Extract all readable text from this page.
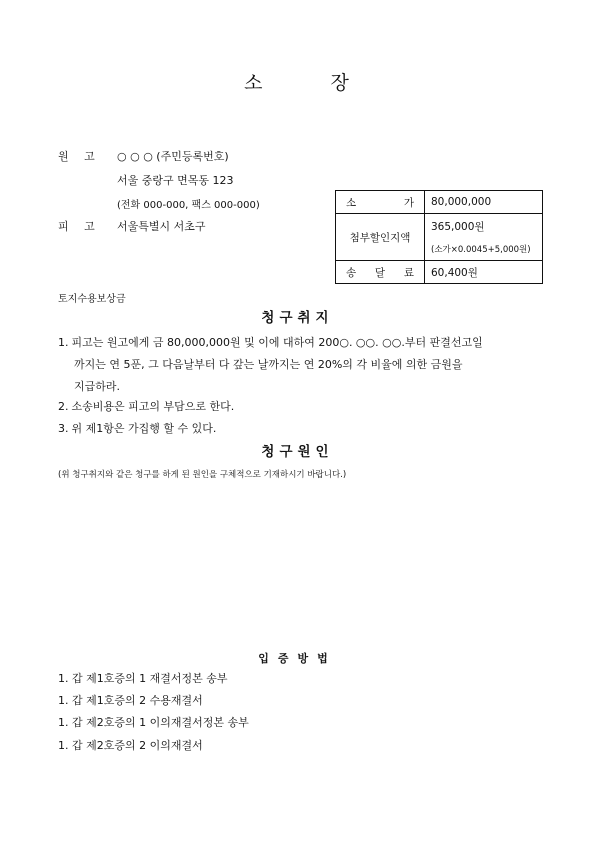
소	장
원 고 ○ ○ ○ (주민등록번호)
서울 중랑구 면목동 123
(전화 000-000, 팩스 000-000)
피 고 서울특별시 서초구
소 가	80,000,000
첨부할인지액	365,000원
(소가×0.0045+5,000원)

송 달 료	60,400원
토지수용보상금
청구취지
1. 피고는 원고에게 금 80,000,000원 및 이에 대하여 200○. ○○. ○○.부터 판결선고일
까지는 연 5푼, 그 다음날부터 다 갚는 날까지는 연 20%의 각 비율에 의한 금원을
지급하라.
2. 소송비용은 피고의 부담으로 한다.
3. 위 제1항은 가집행 할 수 있다.
청구원인
(위 청구취지와 같은 청구를 하게 된 원인을 구체적으로 기재하시기 바랍니다.)
입증방법
1. 갑 제1호증의 1 재결서정본 송부
1. 갑 제1호증의 2 수용재결서
1. 갑 제2호증의 1 이의재결서정본 송부
1. 갑 제2호증의 2 이의재결서
